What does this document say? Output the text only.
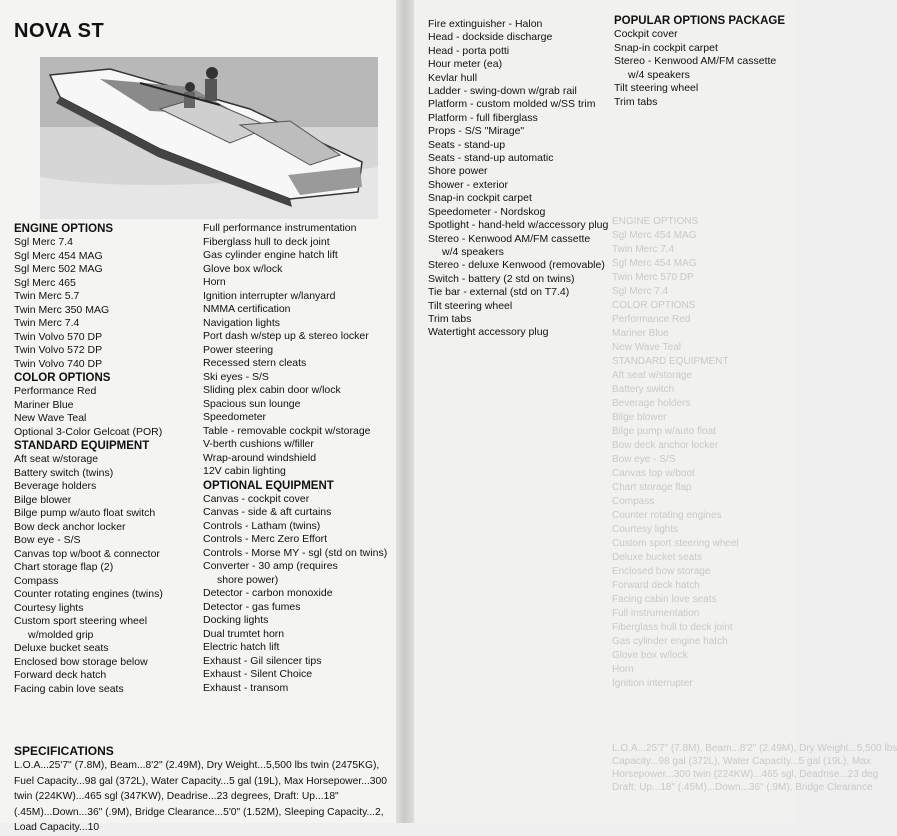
ENGINE OPTIONS
Sgl Merc 454 MAG
Twin Merc 7.4
Sgl Merc 454 MAG
Twin Merc 570 DP
Sgl Merc 7.4
COLOR OPTIONS
Performance Red
Mariner Blue
New Wave Teal
STANDARD EQUIPMENT
Aft seat w/storage
Battery switch
Beverage holders
Bilge blower
Bilge pump w/auto float
Bow deck anchor locker
Bow eye - S/S
Canvas top w/boot
Chart storage flap
Compass
Counter rotating engines
Courtesy lights
Custom sport steering wheel
Deluxe bucket seats
Enclosed bow storage
Forward deck hatch
Facing cabin love seats
Full instrumentation
Fiberglass hull to deck joint
Gas cylinder engine hatch
Glove box w/lock
Horn
Ignition interrupter
L.O.A...25'7" (7.8M), Beam...8'2" (2.49M), Dry Weight...5,500 lbs
Capacity...98 gal (372L), Water Capacity...5 gal (19L), Max
Horsepower...300 twin (224KW)...465 sgl, Deadrise...23 deg
Draft: Up...18" (.45M)...Down...36" (.9M), Bridge Clearance
NOVA ST

ENGINE OPTIONS

Sgl Merc 7.4
Sgl Merc 454 MAG
Sgl Merc 502 MAG
Sgl Merc 465
Twin Merc 5.7
Twin Merc 350 MAG
Twin Merc 7.4
Twin Volvo 570 DP
Twin Volvo 572 DP
Twin Volvo 740 DP

COLOR OPTIONS

Performance Red
Mariner Blue
New Wave Teal
Optional 3-Color Gelcoat (POR)

STANDARD EQUIPMENT

Aft seat w/storage
Battery switch (twins)
Beverage holders
Bilge blower
Bilge pump w/auto float switch
Bow deck anchor locker
Bow eye - S/S
Canvas top w/boot & connector
Chart storage flap (2)
Compass
Counter rotating engines (twins)
Courtesy lights
Custom sport steering wheel
w/molded grip
Deluxe bucket seats
Enclosed bow storage below
Forward deck hatch
Facing cabin love seats
Full performance instrumentation
Fiberglass hull to deck joint
Gas cylinder engine hatch lift
Glove box w/lock
Horn
Ignition interrupter w/lanyard
NMMA certification
Navigation lights
Port dash w/step up & stereo locker
Power steering
Recessed stern cleats
Ski eyes - S/S
Sliding plex cabin door w/lock
Spacious sun lounge
Speedometer
Table - removable cockpit w/storage
V-berth cushions w/filler
Wrap-around windshield
12V cabin lighting

OPTIONAL EQUIPMENT

Canvas - cockpit cover
Canvas - side & aft curtains
Controls - Latham (twins)
Controls - Merc Zero Effort
Controls - Morse MY - sgl (std on twins)
Converter - 30 amp (requires
shore power)
Detector - carbon monoxide
Detector - gas fumes
Docking lights
Dual trumtet horn
Electric hatch lift
Exhaust - Gil silencer tips
Exhaust - Silent Choice
Exhaust - transom

SPECIFICATIONS

L.O.A...25'7" (7.8M), Beam...8'2" (2.49M), Dry Weight...5,500 lbs twin (2475KG), Fuel Capacity...98 gal (372L), Water Capacity...5 gal (19L), Max Horsepower...300 twin (224KW)...465 sgl (347KW), Deadrise...23 degrees, Draft: Up...18" (.45M)...Down...36" (.9M), Bridge Clearance...5'0" (1.52M), Sleeping Capacity...2, Load Capacity...10

Fire extinguisher - Halon
Head - dockside discharge
Head - porta potti
Hour meter (ea)
Kevlar hull
Ladder - swing-down w/grab rail
Platform - custom molded w/SS trim
Platform - full fiberglass
Props - S/S "Mirage"
Seats - stand-up
Seats - stand-up automatic
Shore power
Shower - exterior
Snap-in cockpit carpet
Speedometer - Nordskog
Spotlight - hand-held w/accessory plug
Stereo - Kenwood AM/FM cassette
w/4 speakers
Stereo - deluxe Kenwood (removable)
Switch - battery (2 std on twins)
Tie bar - external (std on T7.4)
Tilt steering wheel
Trim tabs
Watertight accessory plug

POPULAR OPTIONS PACKAGE

Cockpit cover
Snap-in cockpit carpet
Stereo - Kenwood AM/FM cassette
w/4 speakers
Tilt steering wheel
Trim tabs
